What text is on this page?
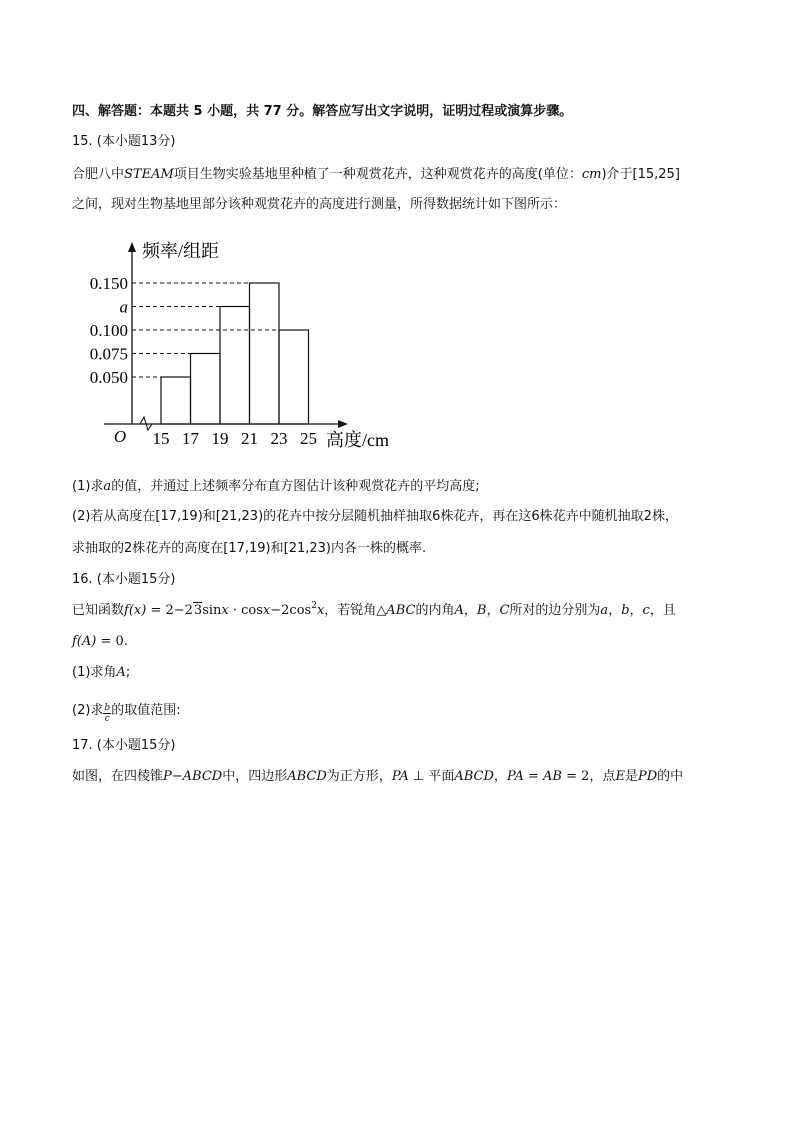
四、解答题：本题共 5 小题，共 77 分。解答应写出文字说明，证明过程或演算步骤。
15. (本小题13分)
合肥八中STEAM项目生物实验基地里种植了一种观赏花卉，这种观赏花卉的高度(单位：cm)介于[15,25]
之间，现对生物基地里部分该种观赏花卉的高度进行测量，所得数据统计如下图所示：
O
0.050
0.075
0.100
a
0.150
15 17 19 21 23 25
频率/组距
高度/cm
(1)求a的值，并通过上述频率分布直方图估计该种观赏花卉的平均高度;
(2)若从高度在[17,19)和[21,23)的花卉中按分层随机抽样抽取6株花卉，再在这6株花卉中随机抽取2株，
求抽取的2株花卉的高度在[17,19)和[21,23)内各一株的概率.
16. (本小题15分)
已知函数$f(x) = 2-23\sin x \cdot \cos x-2\cos^2x$，若锐角△ABC的内角A，B，C所对的边分别为a，b，c，且
f(A) = 0.
(1)求角A;
(2)求 $\frac{b}{c}$ 的取值范围:
17. (本小题15分)
如图，在四棱锥P−ABCD中，四边形ABCD为正方形，PA ⊥ 平面ABCD，PA = AB = 2，点E是PD的中
